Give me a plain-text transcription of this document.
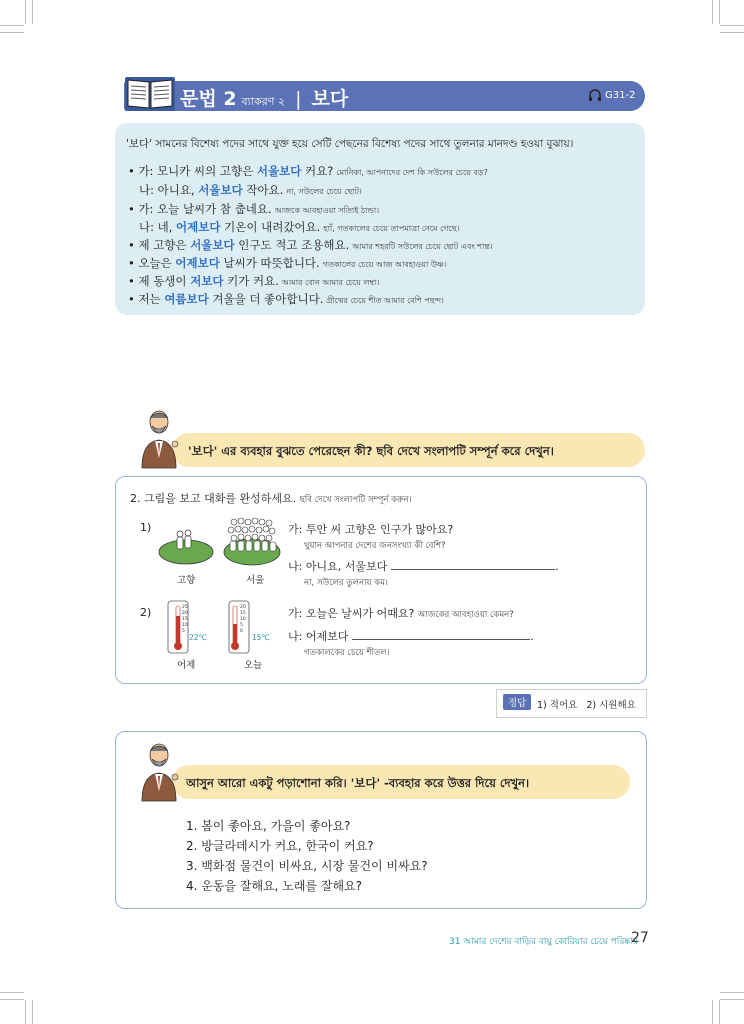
문법 2 ব্যাকরণ ২ | 보다	G31-2
'보다' সামনের বিশেষ্য পদের সাথে যুক্ত হয়ে সেটি পেছনের বিশেষ্য পদের সাথে তুলনার মানদণ্ড হওয়া বুঝায়।
• 가: 모니카 씨의 고향은 서울보다 커요? মোনিকা, আপনাদের দেশ কি সউলের চেয়ে বড়?
나: 아니요, 서울보다 작아요. না, সউলের চেয়ে ছোট।
• 가: 오늘 날씨가 참 춥네요. আজকে আবহাওয়া সত্যিই ঠান্ডা।
나: 네, 어제보다 기온이 내려갔어요. হ্যাঁ, গতকালের চেয়ে তাপমাত্রা নেমে গেছে।
• 제 고향은 서울보다 인구도 적고 조용해요. আমার শহরটি সউলের চেয়ে ছোট এবং শান্ত।
• 오늘은 어제보다 날씨가 따뜻합니다. গতকালের চেয়ে আজ আবহাওয়া উষ্ণ।
• 제 동생이 저보다 키가 커요. আমার বোন আমার চেয়ে লম্বা।
• 저는 여름보다 겨울을 더 좋아합니다. গ্রীষ্মের চেয়ে শীত আমার বেশি পছন্দ।
'보다' এর ব্যবহার বুঝতে পেরেছেন কী? ছবি দেখে সংলাপটি সম্পূর্ন করে দেখুন।
2. 그림을 보고 대화를 완성하세요. ছবি দেখে সংলাপটি সম্পূর্ন করুন।
1)
고향	서울
가: 투안 씨 고향은 인구가 많아요?
থুয়ান আপনার দেশের জনসংখ্যা কী বেশি?
나: 아니요, 서울보다	.
না, সউলের তুলনায় কম।
2)	25
20
15
10
5
20
15
10
5
0
22℃	15℃
어제	오늘
가: 오늘은 날씨가 어때요? আজকের আবহাওয়া কেমন?
나: 어제보다	.
গতকালকের চেয়ে শীতল।
정답	1) 적어요   2) 시원해요
আসুন আরো একটু পড়াশোনা করি। '보다' -ব্যবহার করে উত্তর দিয়ে দেখুন।
1. 봄이 좋아요, 가을이 좋아요?
2. 방글라데시가 커요, 한국이 커요?
3. 백화점 물건이 비싸요, 시장 물건이 비싸요?
4. 운동을 잘해요, 노래를 잘해요?
31 আমার দেশের বাড়ির বায়ু কোরিয়ার চেয়ে পরিষ্কার
27
